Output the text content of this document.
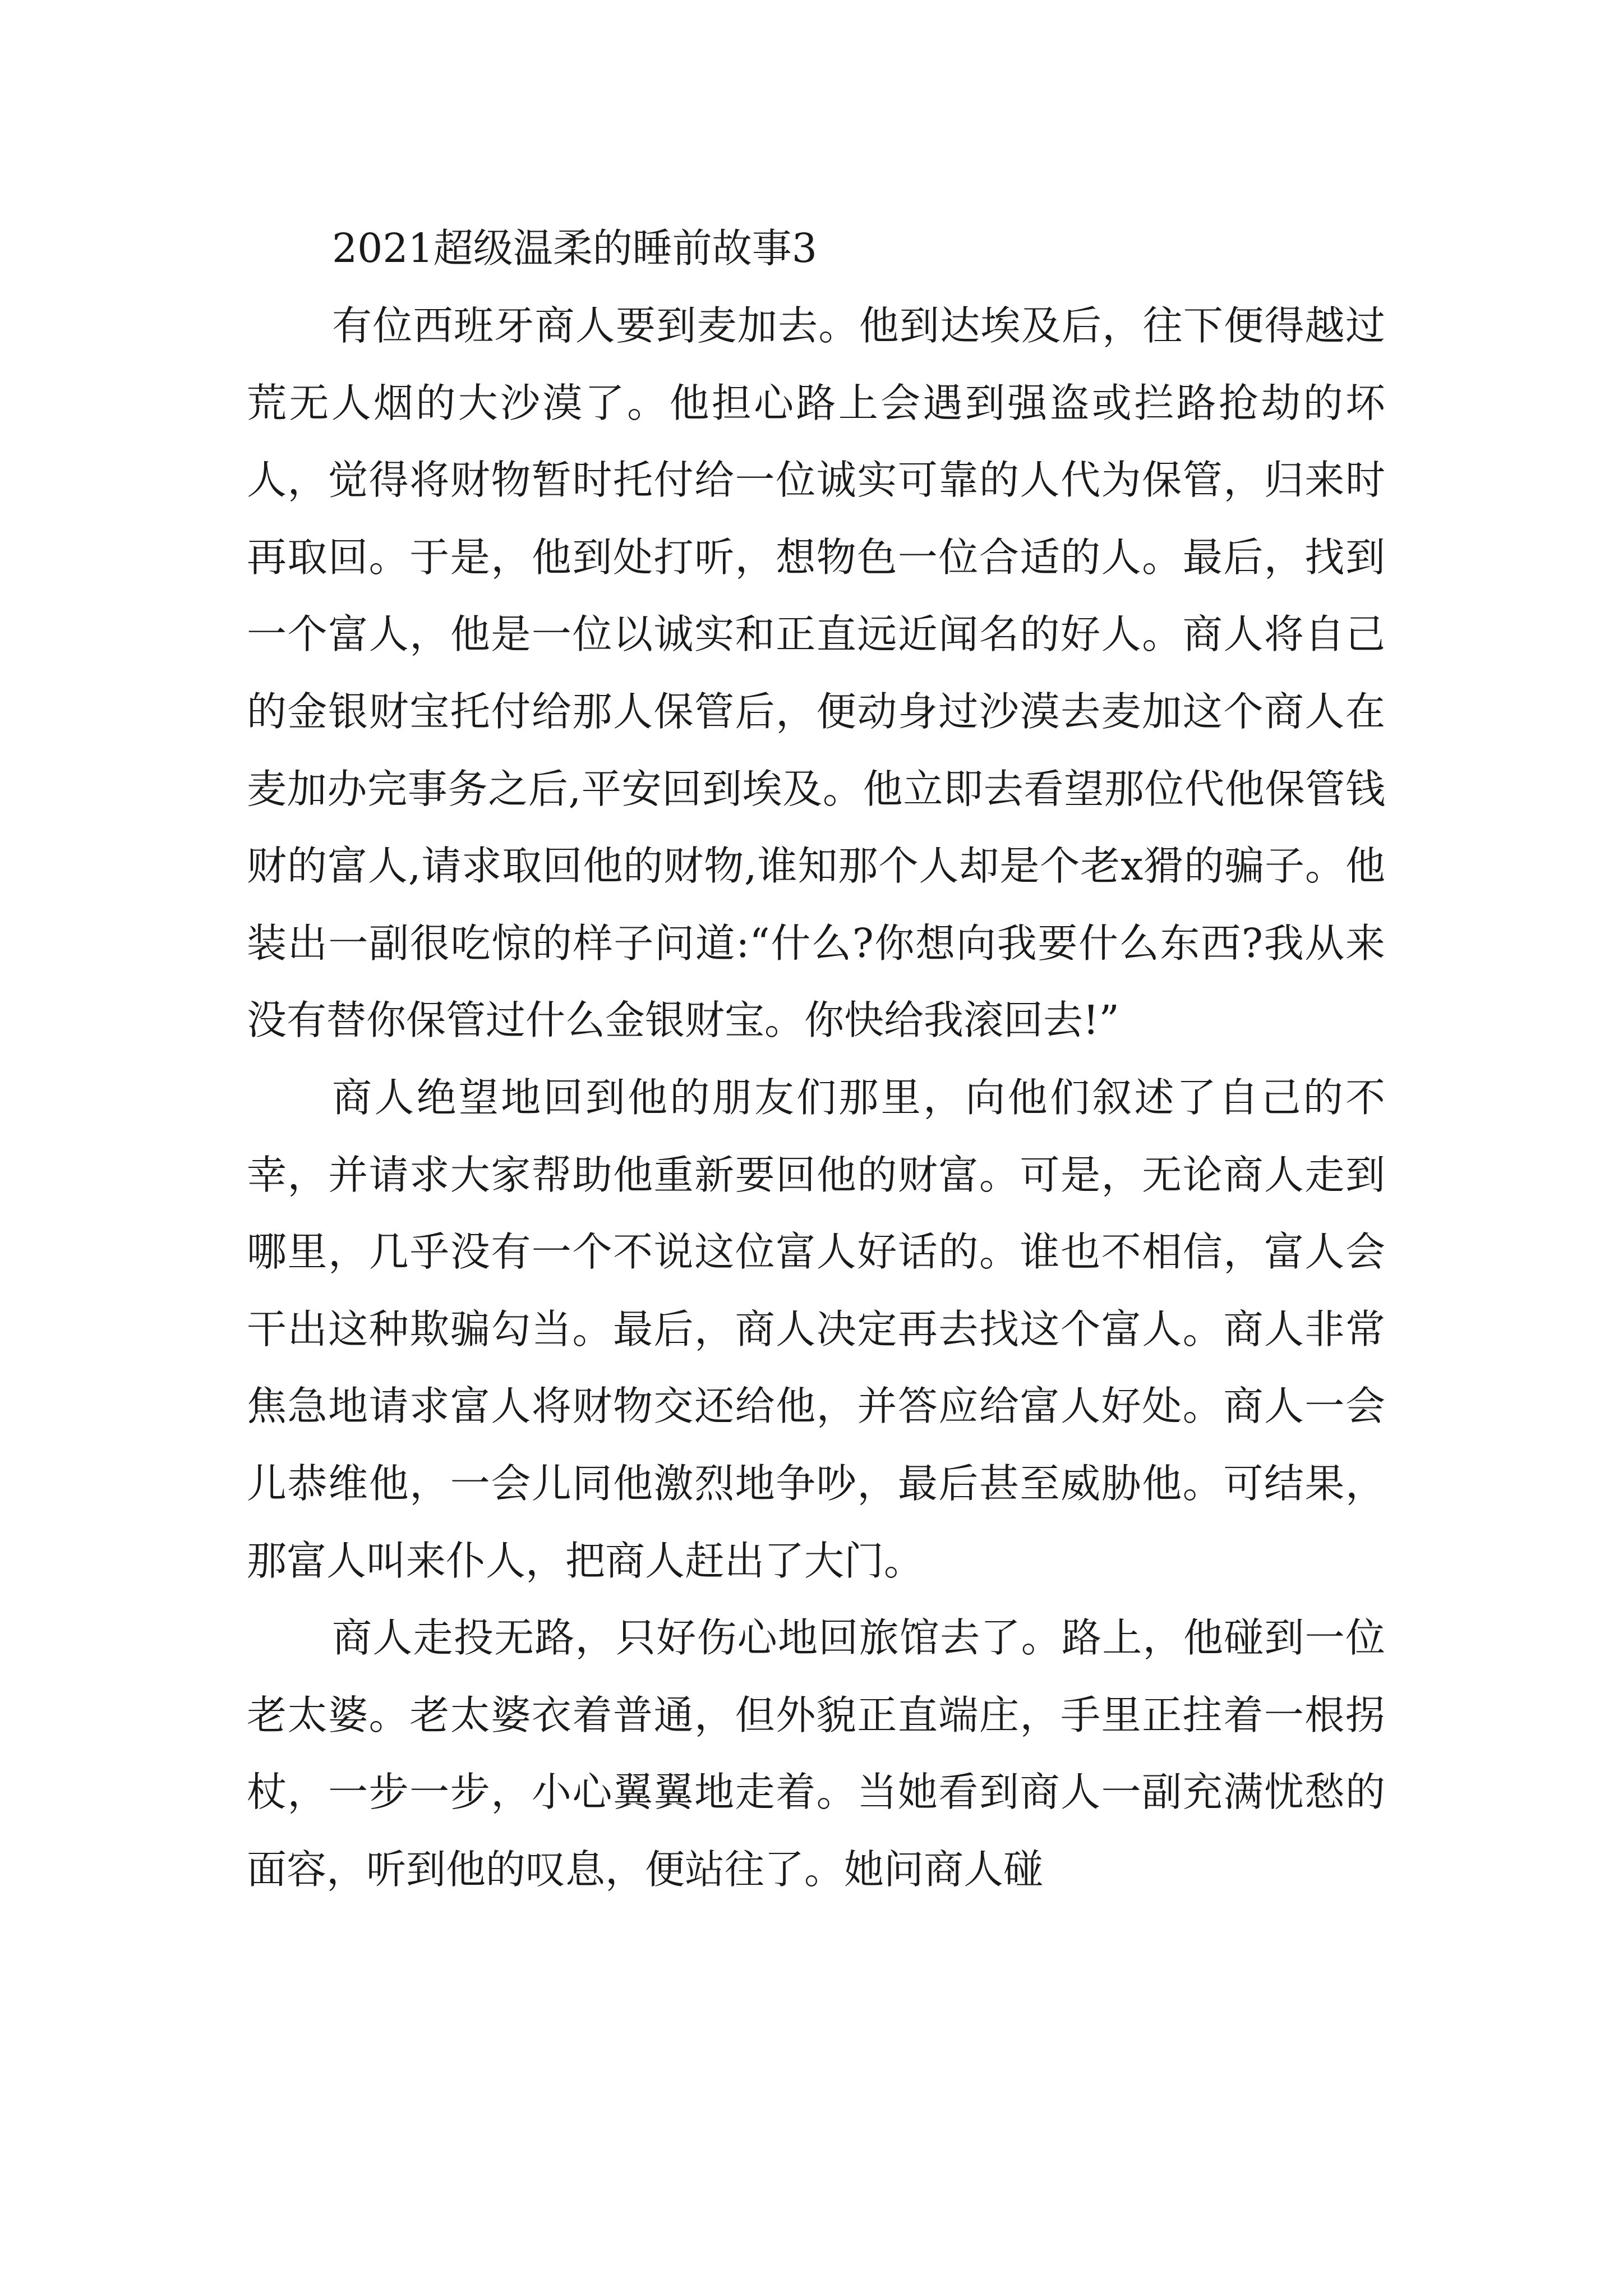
2021超级温柔的睡前故事3

有位西班牙商人要到麦加去。他到达埃及后，往下便得越过荒无人烟的大沙漠了。他担心路上会遇到强盗或拦路抢劫的坏人，觉得将财物暂时托付给一位诚实可靠的人代为保管，归来时再取回。于是，他到处打听，想物色一位合适的人。最后，找到一个富人，他是一位以诚实和正直远近闻名的好人。商人将自己的金银财宝托付给那人保管后，便动身过沙漠去麦加这个商人在麦加办完事务之后,平安回到埃及。他立即去看望那位代他保管钱财的富人,请求取回他的财物,谁知那个人却是个老x猾的骗子。他装出一副很吃惊的样子问道:“什么?你想向我要什么东西?我从来没有替你保管过什么金银财宝。你快给我滚回去!”

商人绝望地回到他的朋友们那里，向他们叙述了自己的不幸，并请求大家帮助他重新要回他的财富。可是，无论商人走到哪里，几乎没有一个不说这位富人好话的。谁也不相信，富人会干出这种欺骗勾当。最后，商人决定再去找这个富人。商人非常焦急地请求富人将财物交还给他，并答应给富人好处。商人一会儿恭维他，一会儿同他激烈地争吵，最后甚至威胁他。可结果，那富人叫来仆人，把商人赶出了大门。

商人走投无路，只好伤心地回旅馆去了。路上，他碰到一位老太婆。老太婆衣着普通，但外貌正直端庄，手里正拄着一根拐杖，一步一步，小心翼翼地走着。当她看到商人一副充满忧愁的面容，听到他的叹息，便站往了。她问商人碰
